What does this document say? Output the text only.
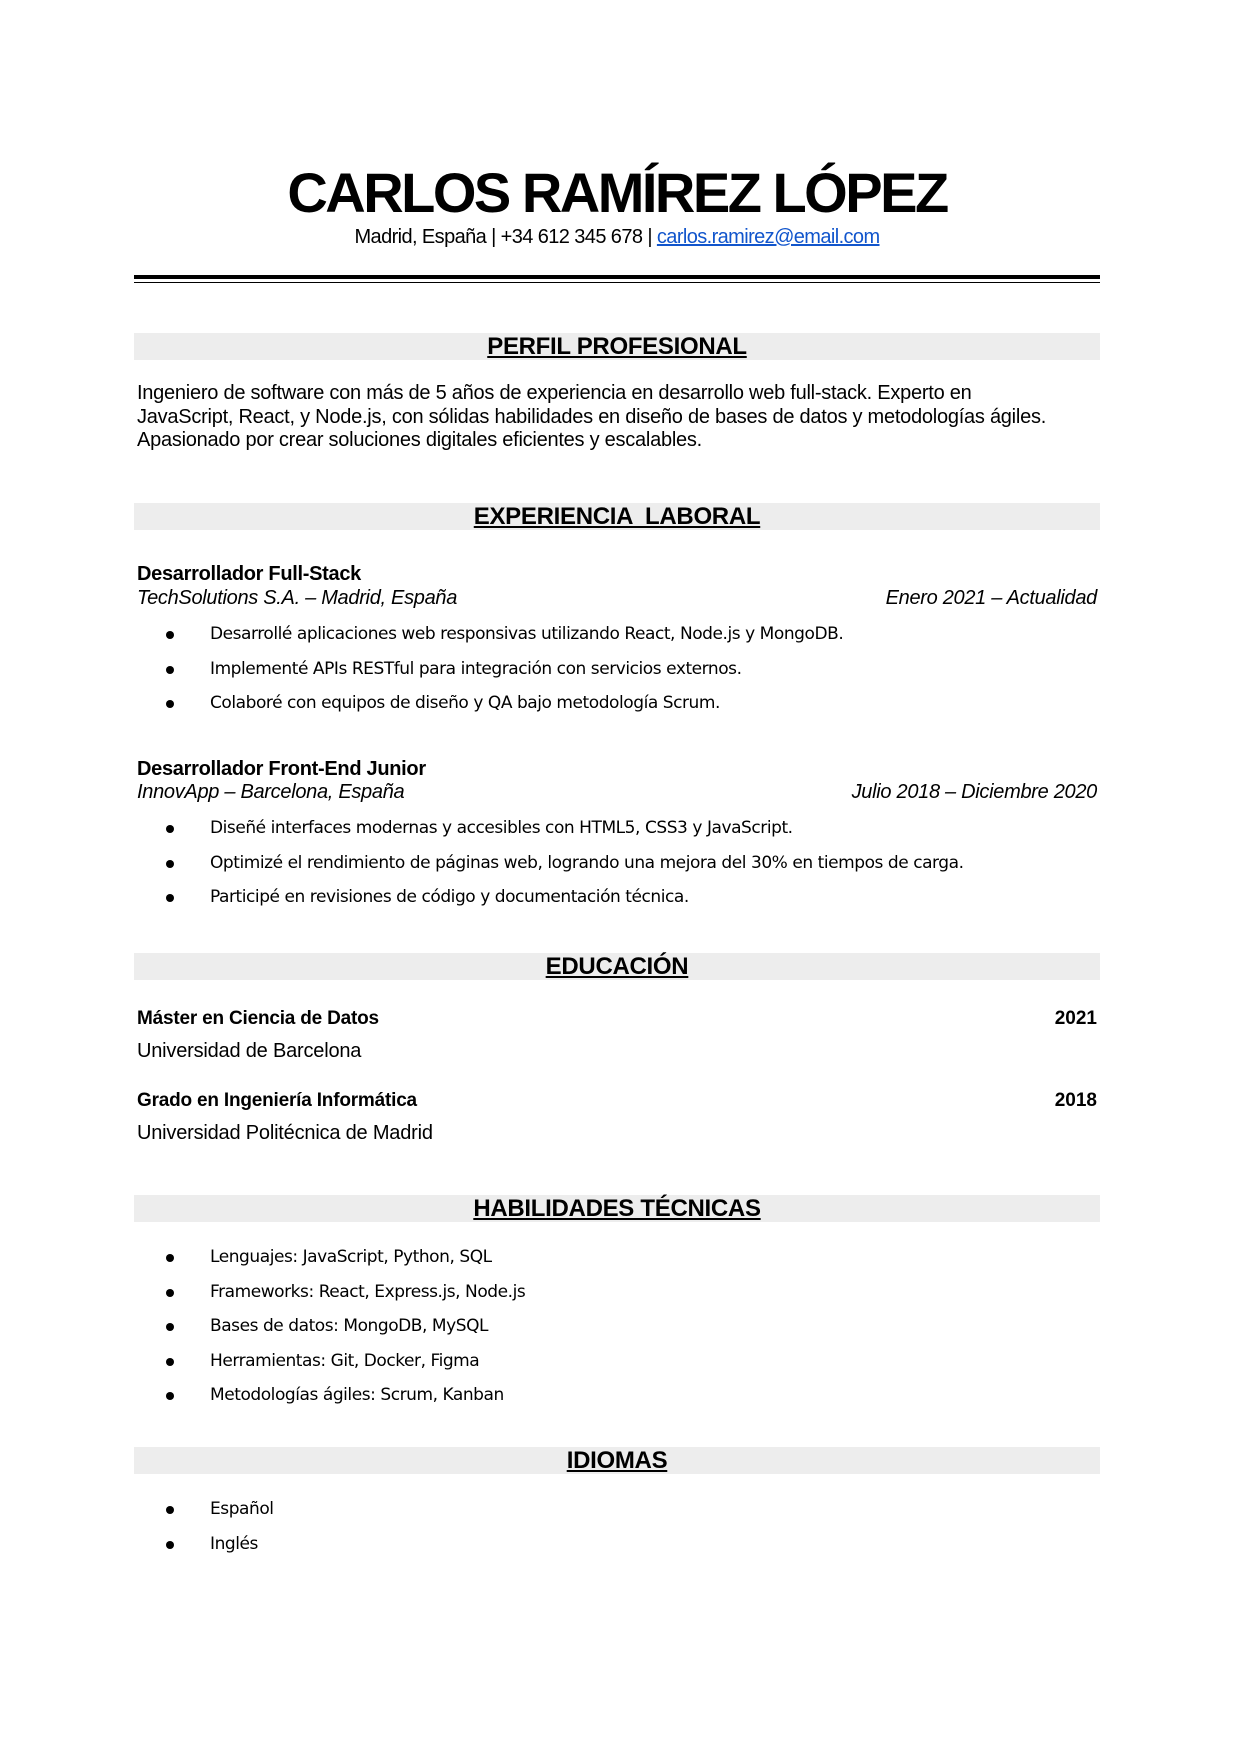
CARLOS RAMÍREZ LÓPEZ
Madrid, España | +34 612 345 678 | carlos.ramirez@email.com
PERFIL PROFESIONAL
Ingeniero de software con más de 5 años de experiencia en desarrollo web full-stack. Experto en
JavaScript, React, y Node.js, con sólidas habilidades en diseño de bases de datos y metodologías ágiles.
Apasionado por crear soluciones digitales eficientes y escalables.
EXPERIENCIA  LABORAL
Desarrollador Full-Stack
TechSolutions S.A. – Madrid, España	Enero 2021 – Actualidad
Desarrollé aplicaciones web responsivas utilizando React, Node.js y MongoDB.
Implementé APIs RESTful para integración con servicios externos.
Colaboré con equipos de diseño y QA bajo metodología Scrum.
Desarrollador Front-End Junior
InnovApp – Barcelona, España	Julio 2018 – Diciembre 2020
Diseñé interfaces modernas y accesibles con HTML5, CSS3 y JavaScript.
Optimizé el rendimiento de páginas web, logrando una mejora del 30% en tiempos de carga.
Participé en revisiones de código y documentación técnica.
EDUCACIÓN
Máster en Ciencia de Datos	2021
Universidad de Barcelona
Grado en Ingeniería Informática	2018
Universidad Politécnica de Madrid
HABILIDADES TÉCNICAS
Lenguajes: JavaScript, Python, SQL
Frameworks: React, Express.js, Node.js
Bases de datos: MongoDB, MySQL
Herramientas: Git, Docker, Figma
Metodologías ágiles: Scrum, Kanban
IDIOMAS
Español
Inglés
